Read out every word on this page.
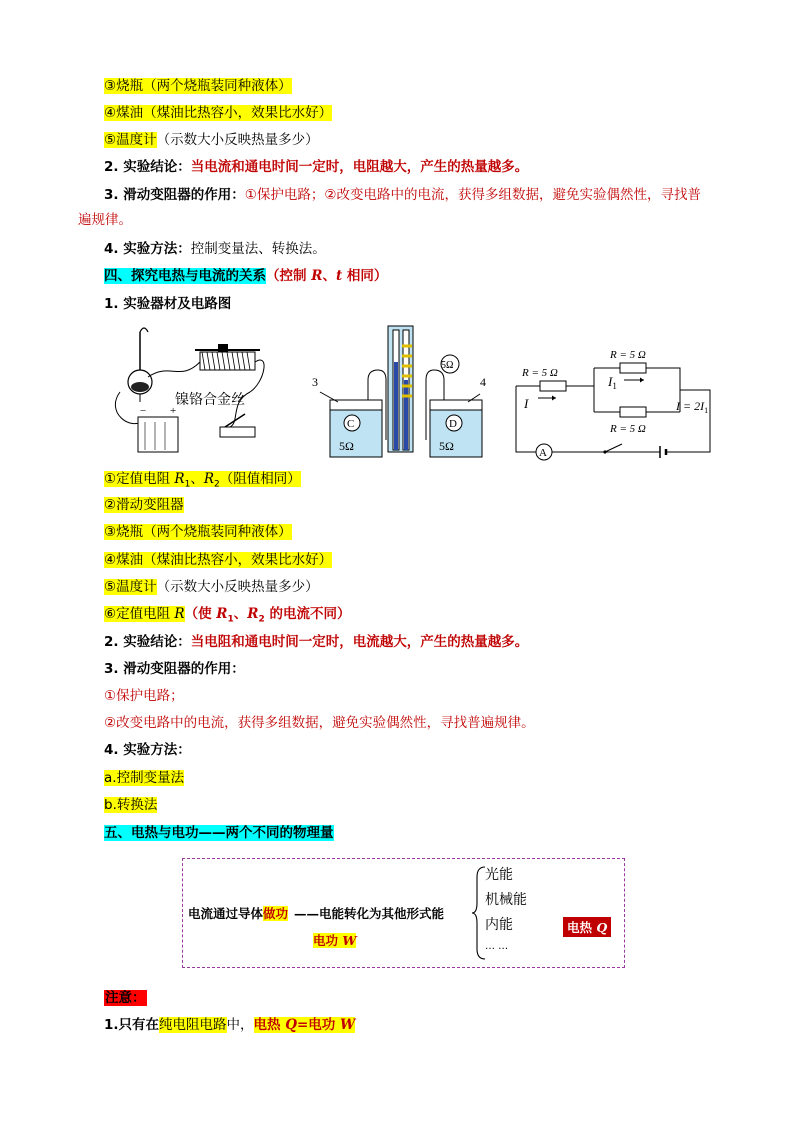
③烧瓶（两个烧瓶装同种液体）
④煤油（煤油比热容小，效果比水好）
⑤温度计（示数大小反映热量多少）
2. 实验结论：当电流和通电时间一定时，电阻越大，产生的热量越多。
3. 滑动变阻器的作用：①保护电路；②改变电路中的电流，获得多组数据，避免实验偶然性，寻找普
遍规律。
4. 实验方法：控制变量法、转换法。
四、探究电热与电流的关系（控制 R、t 相同）
1. 实验器材及电路图
− +
镍铬合金丝
3	4
C
5Ω
D
5Ω
5Ω
A
R = 5 Ω
R = 5 Ω
R = 5 Ω
I
$I_1$
$I = 2I_1$
①定值电阻 $R_1$、$R_2$（阻值相同）
②滑动变阻器
③烧瓶（两个烧瓶装同种液体）
④煤油（煤油比热容小，效果比水好）
⑤温度计（示数大小反映热量多少）
⑥定值电阻 R（使 $R_1$、$R_2$ 的电流不同）
2. 实验结论：当电阻和通电时间一定时，电流越大，产生的热量越多。
3. 滑动变阻器的作用：
①保护电路；
②改变电路中的电流，获得多组数据，避免实验偶然性，寻找普遍规律。
4. 实验方法：
a.控制变量法
b.转换法
五、电热与电功——两个不同的物理量
电流通过导体做功 ——电能转化为其他形式能
电功 W
光能
机械能
内能
… …
电热 Q
注意：
1.只有在纯电阻电路中，电热 Q=电功 W
